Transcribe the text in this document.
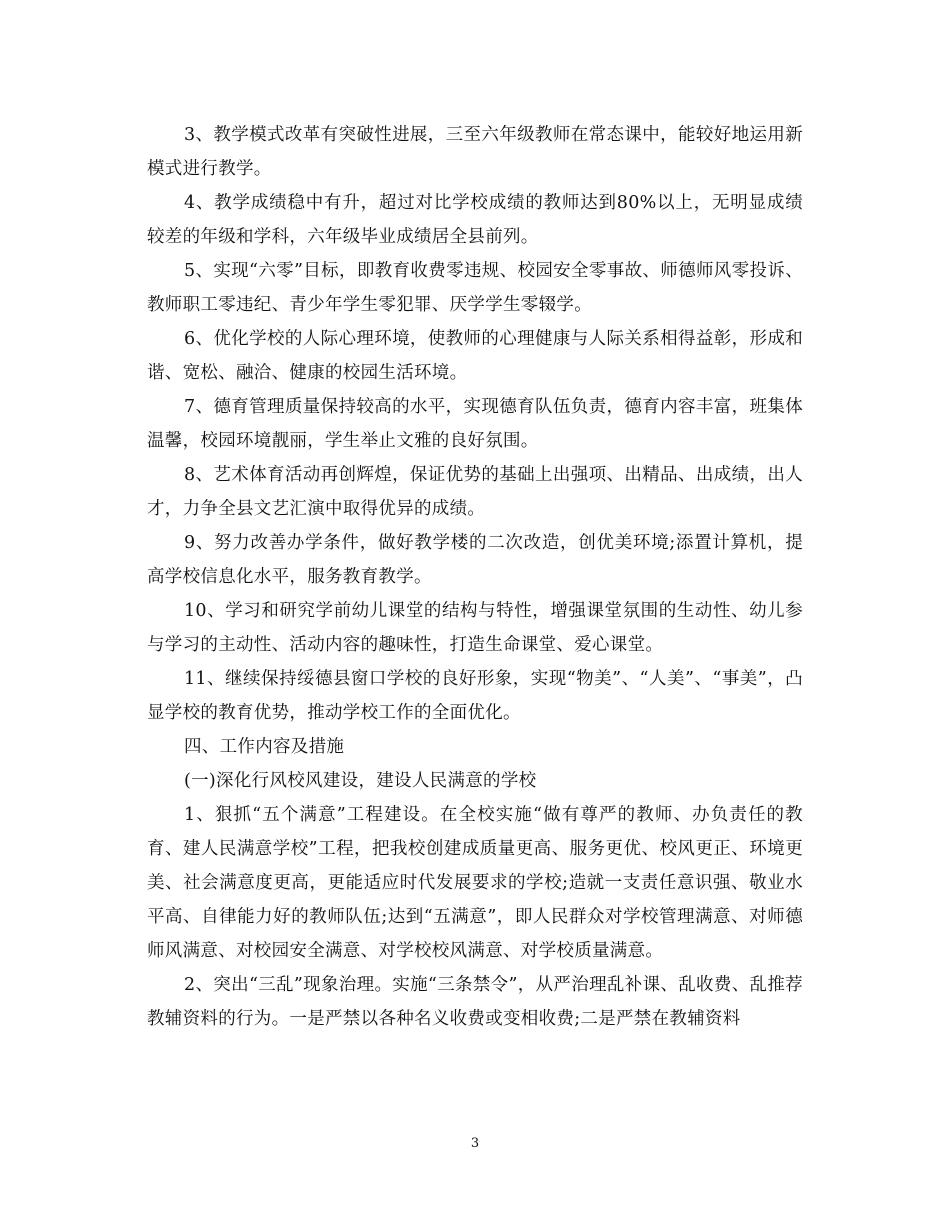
3、教学模式改革有突破性进展，三至六年级教师在常态课中，能较好地运用新模式进行教学。

4、教学成绩稳中有升，超过对比学校成绩的教师达到80%以上，无明显成绩较差的年级和学科，六年级毕业成绩居全县前列。

5、实现“六零”目标，即教育收费零违规、校园安全零事故、师德师风零投诉、教师职工零违纪、青少年学生零犯罪、厌学学生零辍学。

6、优化学校的人际心理环境，使教师的心理健康与人际关系相得益彰，形成和谐、宽松、融洽、健康的校园生活环境。

7、德育管理质量保持较高的水平，实现德育队伍负责，德育内容丰富，班集体温馨，校园环境靓丽，学生举止文雅的良好氛围。

8、艺术体育活动再创辉煌，保证优势的基础上出强项、出精品、出成绩，出人才，力争全县文艺汇演中取得优异的成绩。

9、努力改善办学条件，做好教学楼的二次改造，创优美环境;添置计算机，提高学校信息化水平，服务教育教学。

10、学习和研究学前幼儿课堂的结构与特性，增强课堂氛围的生动性、幼儿参与学习的主动性、活动内容的趣味性，打造生命课堂、爱心课堂。

11、继续保持绥德县窗口学校的良好形象，实现“物美”、“人美”、“事美”，凸显学校的教育优势，推动学校工作的全面优化。

四、工作内容及措施

(一)深化行风校风建设，建设人民满意的学校

1、狠抓“五个满意”工程建设。在全校实施“做有尊严的教师、办负责任的教育、建人民满意学校”工程，把我校创建成质量更高、服务更优、校风更正、环境更美、社会满意度更高，更能适应时代发展要求的学校;造就一支责任意识强、敬业水平高、自律能力好的教师队伍;达到“五满意”，即人民群众对学校管理满意、对师德师风满意、对校园安全满意、对学校校风满意、对学校质量满意。

2、突出“三乱”现象治理。实施“三条禁令”，从严治理乱补课、乱收费、乱推荐教辅资料的行为。一是严禁以各种名义收费或变相收费;二是严禁在教辅资料

3
